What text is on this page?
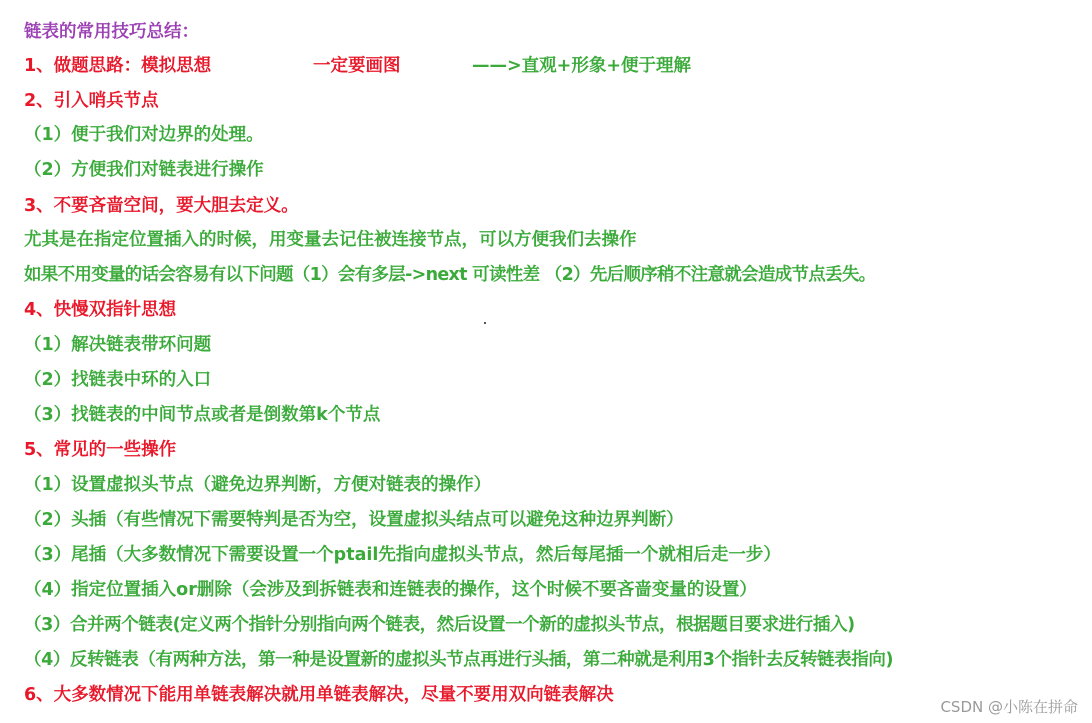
链表的常用技巧总结：
1、做题思路：模拟思想	一定要画图	——>直观+形象+便于理解
2、引入哨兵节点
（1）便于我们对边界的处理。
（2）方便我们对链表进行操作
3、不要吝啬空间，要大胆去定义。
尤其是在指定位置插入的时候，用变量去记住被连接节点，可以方便我们去操作
如果不用变量的话会容易有以下问题（1）会有多层->next 可读性差 （2）先后顺序稍不注意就会造成节点丢失。
4、快慢双指针思想
（1）解决链表带环问题
（2）找链表中环的入口
（3）找链表的中间节点或者是倒数第k个节点
5、常见的一些操作
（1）设置虚拟头节点（避免边界判断，方便对链表的操作）
（2）头插（有些情况下需要特判是否为空，设置虚拟头结点可以避免这种边界判断）
（3）尾插（大多数情况下需要设置一个ptail先指向虚拟头节点，然后每尾插一个就相后走一步）
（4）指定位置插入or删除（会涉及到拆链表和连链表的操作，这个时候不要吝啬变量的设置）
（3）合并两个链表(定义两个指针分别指向两个链表，然后设置一个新的虚拟头节点，根据题目要求进行插入)
（4）反转链表（有两种方法，第一种是设置新的虚拟头节点再进行头插，第二种就是利用3个指针去反转链表指向)
6、大多数情况下能用单链表解决就用单链表解决，尽量不要用双向链表解决
CSDN @​​小陈在拼命​​
